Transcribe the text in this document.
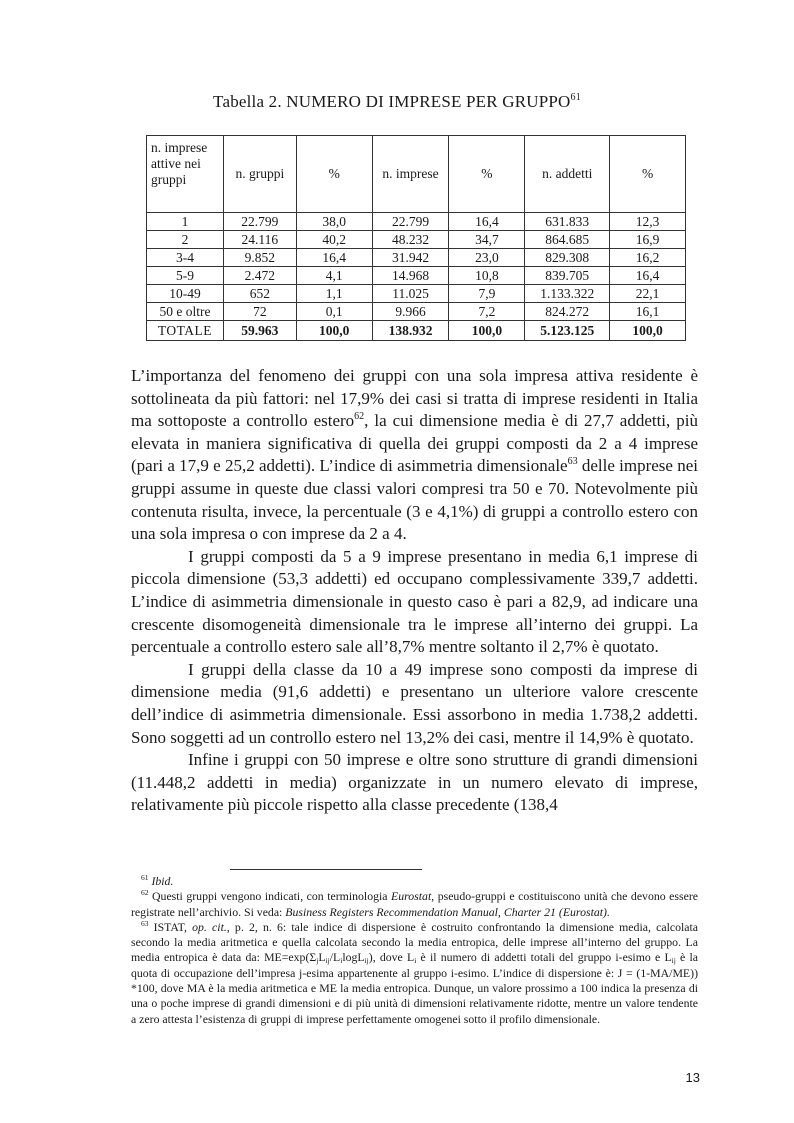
Tabella 2. NUMERO DI IMPRESE PER GRUPPO$^{61}$
n. imprese attive nei gruppi	n. gruppi	%	n. imprese	%	n. addetti	%
1	22.799	38,0	22.799	16,4	631.833	12,3
2	24.116	40,2	48.232	34,7	864.685	16,9
3-4	9.852	16,4	31.942	23,0	829.308	16,2
5-9	2.472	4,1	14.968	10,8	839.705	16,4
10-49	652	1,1	11.025	7,9	1.133.322	22,1
50 e oltre	72	0,1	9.966	7,2	824.272	16,1
TOTALE	59.963	100,0	138.932	100,0	5.123.125	100,0

L’importanza del fenomeno dei gruppi con una sola impresa attiva residente è sottolineata da più fattori: nel 17,9% dei casi si tratta di imprese residenti in Italia ma sottoposte a controllo estero$^{62}$, la cui dimensione media è di 27,7 addetti, più elevata in maniera significativa di quella dei gruppi composti da 2 a 4 imprese (pari a 17,9 e 25,2 addetti). L’indice di asimmetria dimensionale$^{63}$ delle imprese nei gruppi assume in queste due classi valori compresi tra 50 e 70. Notevolmente più contenuta risulta, invece, la percentuale (3 e 4,1%) di gruppi a controllo estero con una sola impresa o con imprese da 2 a 4.

I gruppi composti da 5 a 9 imprese presentano in media 6,1 imprese di piccola dimensione (53,3 addetti) ed occupano complessivamente 339,7 addetti. L’indice di asimmetria dimensionale in questo caso è pari a 82,9, ad indicare una crescente disomogeneità dimensionale tra le imprese all’interno dei gruppi. La percentuale a controllo estero sale all’8,7% mentre soltanto il 2,7% è quotato.

I gruppi della classe da 10 a 49 imprese sono composti da imprese di dimensione media (91,6 addetti) e presentano un ulteriore valore crescente dell’indice di asimmetria dimensionale. Essi assorbono in media 1.738,2 addetti. Sono soggetti ad un controllo estero nel 13,2% dei casi, mentre il 14,9% è quotato.

Infine i gruppi con 50 imprese e oltre sono strutture di grandi dimensioni (11.448,2 addetti in media) organizzate in un numero elevato di imprese, relativamente più piccole rispetto alla classe precedente (138,4

$^{61}$ Ibid.

$^{62}$ Questi gruppi vengono indicati, con terminologia Eurostat, pseudo-gruppi e costituiscono unità che devono essere registrate nell’archivio. Si veda: Business Registers Recommendation Manual, Charter 21 (Eurostat).

$^{63}$ ISTAT, op. cit., p. 2, n. 6: tale indice di dispersione è costruito confrontando la dimensione media, calcolata secondo la media aritmetica e quella calcolata secondo la media entropica, delle imprese all’interno del gruppo. La media entropica è data da: $ME=\exp(\Sigma_jL_{ij}/L_i\log L_{ij})$, dove $L_i$ è il numero di addetti totali del gruppo i-esimo e $L_{ij}$ è la quota di occupazione dell’impresa j-esima appartenente al gruppo i-esimo. L’indice di dispersione è: J = (1-MA/ME)) *100, dove MA è la media aritmetica e ME la media entropica. Dunque, un valore prossimo a 100 indica la presenza di una o poche imprese di grandi dimensioni e di più unità di dimensioni relativamente ridotte, mentre un valore tendente a zero attesta l’esistenza di gruppi di imprese perfettamente omogenei sotto il profilo dimensionale.

13
